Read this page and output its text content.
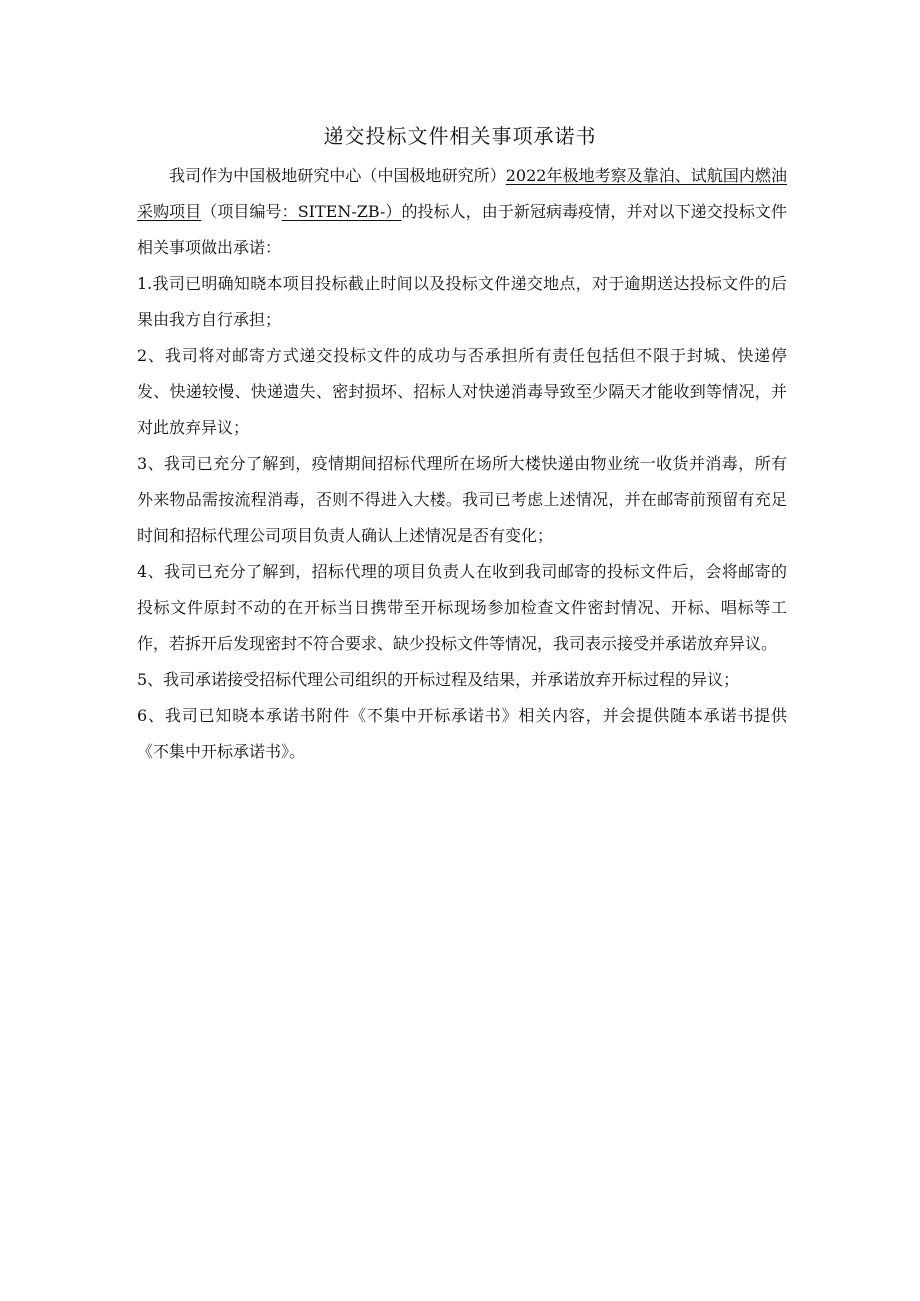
递交投标文件相关事项承诺书

我司作为中国极地研究中心（中国极地研究所）2022年极地考察及靠泊、试航国内燃油采购项目（项目编号：SITEN-ZB-）的投标人，由于新冠病毒疫情，并对以下递交投标文件相关事项做出承诺：

1.我司已明确知晓本项目投标截止时间以及投标文件递交地点，对于逾期送达投标文件的后果由我方自行承担；

2、我司将对邮寄方式递交投标文件的成功与否承担所有责任包括但不限于封城、快递停发、快递较慢、快递遗失、密封损坏、招标人对快递消毒导致至少隔天才能收到等情况，并对此放弃异议；

3、我司已充分了解到，疫情期间招标代理所在场所大楼快递由物业统一收货并消毒，所有外来物品需按流程消毒，否则不得进入大楼。我司已考虑上述情况，并在邮寄前预留有充足时间和招标代理公司项目负责人确认上述情况是否有变化；

4、我司已充分了解到，招标代理的项目负责人在收到我司邮寄的投标文件后，会将邮寄的投标文件原封不动的在开标当日携带至开标现场参加检查文件密封情况、开标、唱标等工作，若拆开后发现密封不符合要求、缺少投标文件等情况，我司表示接受并承诺放弃异议。

5、我司承诺接受招标代理公司组织的开标过程及结果，并承诺放弃开标过程的异议；

6、我司已知晓本承诺书附件《不集中开标承诺书》相关内容，并会提供随本承诺书提供《不集中开标承诺书》。
